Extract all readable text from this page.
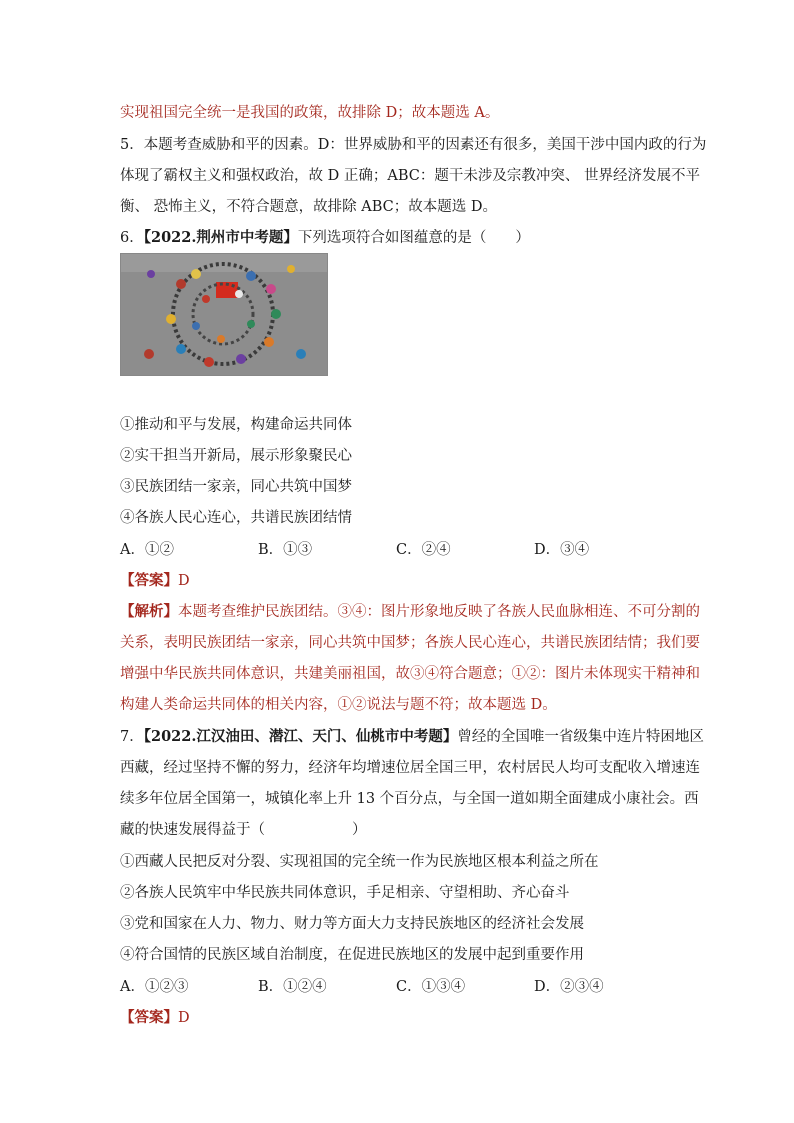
实现祖国完全统一是我国的政策，故排除 D；故本题选 A。
5．本题考查威胁和平的因素。D：世界威胁和平的因素还有很多，美国干涉中国内政的行为
体现了霸权主义和强权政治，故 D 正确；ABC：题干未涉及宗教冲突、 世界经济发展不平
衡、 恐怖主义，不符合题意，故排除 ABC；故本题选 D。
6．【2022.荆州市中考题】下列选项符合如图蕴意的是（　　）
①推动和平与发展，构建命运共同体
②实干担当开新局，展示形象聚民心
③民族团结一家亲，同心共筑中国梦
④各族人民心连心，共谱民族团结情
A．①②	B．①③	C．②④	D．③④
【答案】D
【解析】本题考查维护民族团结。③④：图片形象地反映了各族人民血脉相连、不可分割的
关系，表明民族团结一家亲，同心共筑中国梦；各族人民心连心，共谱民族团结情；我们要
增强中华民族共同体意识，共建美丽祖国，故③④符合题意；①②：图片未体现实干精神和
构建人类命运共同体的相关内容，①②说法与题不符；故本题选 D。
7．【2022.江汉油田、潜江、天门、仙桃市中考题】曾经的全国唯一省级集中连片特困地区
西藏，经过坚持不懈的努力，经济年均增速位居全国三甲，农村居民人均可支配收入增速连
续多年位居全国第一，城镇化率上升 13 个百分点，与全国一道如期全面建成小康社会。西
藏的快速发展得益于（　　　　　　）
①西藏人民把反对分裂、实现祖国的完全统一作为民族地区根本利益之所在
②各族人民筑牢中华民族共同体意识，手足相亲、守望相助、齐心奋斗
③党和国家在人力、物力、财力等方面大力支持民族地区的经济社会发展
④符合国情的民族区域自治制度，在促进民族地区的发展中起到重要作用
A．①②③	B．①②④	C．①③④	D．②③④
【答案】D
